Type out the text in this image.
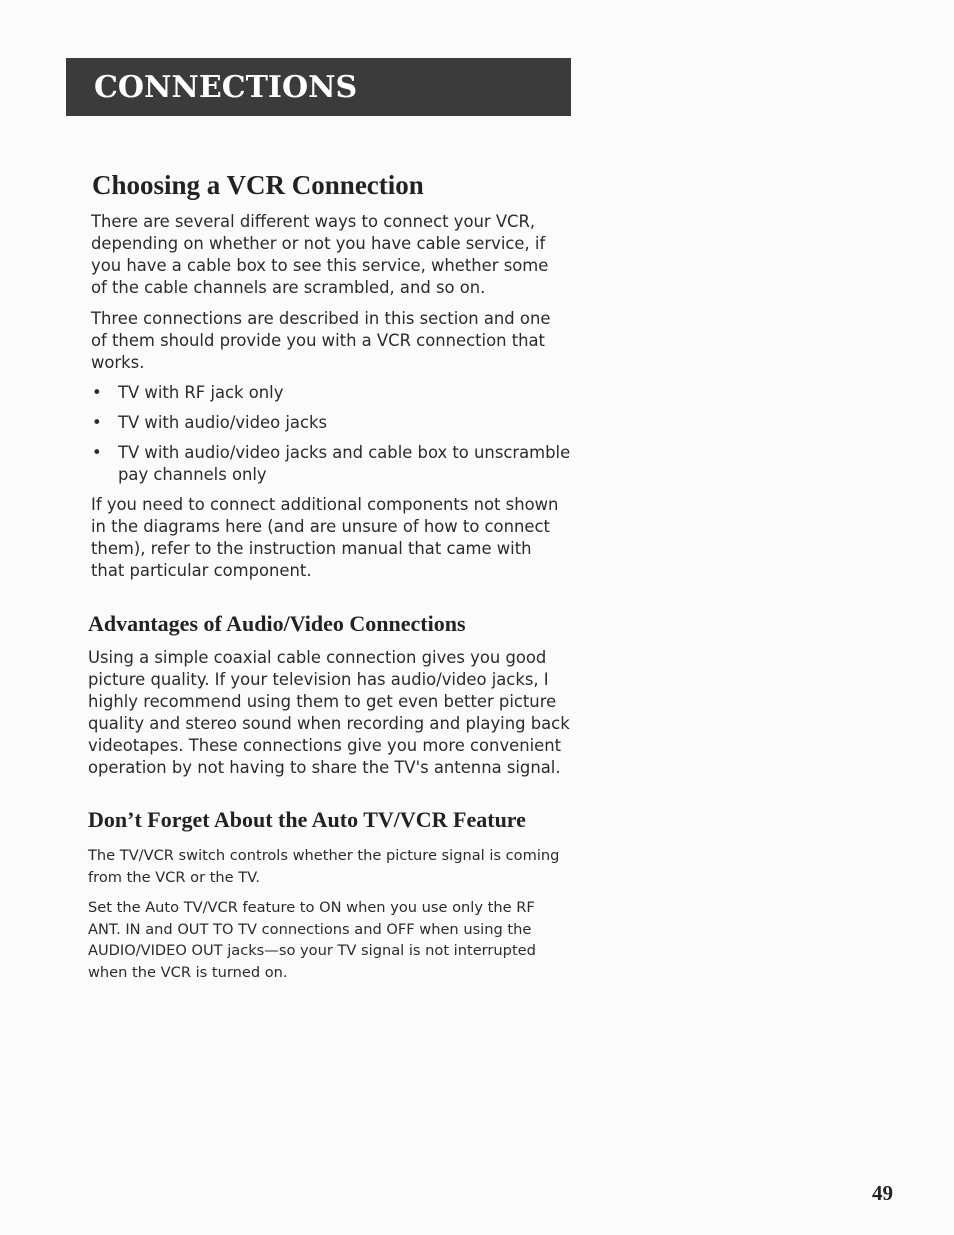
CONNECTIONS
Choosing a VCR Connection

There are several different ways to connect your VCR, depending on whether or not you have cable service, if you have a cable box to see this service, whether some of the cable channels are scrambled, and so on.

Three connections are described in this section and one of them should provide you with a VCR connection that works.

• TV with RF jack only
• TV with audio/video jacks
• TV with audio/video jacks and cable box to unscramble pay channels only

If you need to connect additional components not shown in the diagrams here (and are unsure of how to connect them), refer to the instruction manual that came with that particular component.

Advantages of Audio/Video Connections

Using a simple coaxial cable connection gives you good picture quality. If your television has audio/video jacks, I highly recommend using them to get even better picture quality and stereo sound when recording and playing back videotapes. These connections give you more convenient operation by not having to share the TV's antenna signal.

Don’t Forget About the Auto TV/VCR Feature

The TV/VCR switch controls whether the picture signal is coming from the VCR or the TV.

Set the Auto TV/VCR feature to ON when you use only the RF ANT. IN and OUT TO TV connections and OFF when using the AUDIO/VIDEO OUT jacks—so your TV signal is not interrupted when the VCR is turned on.

49
